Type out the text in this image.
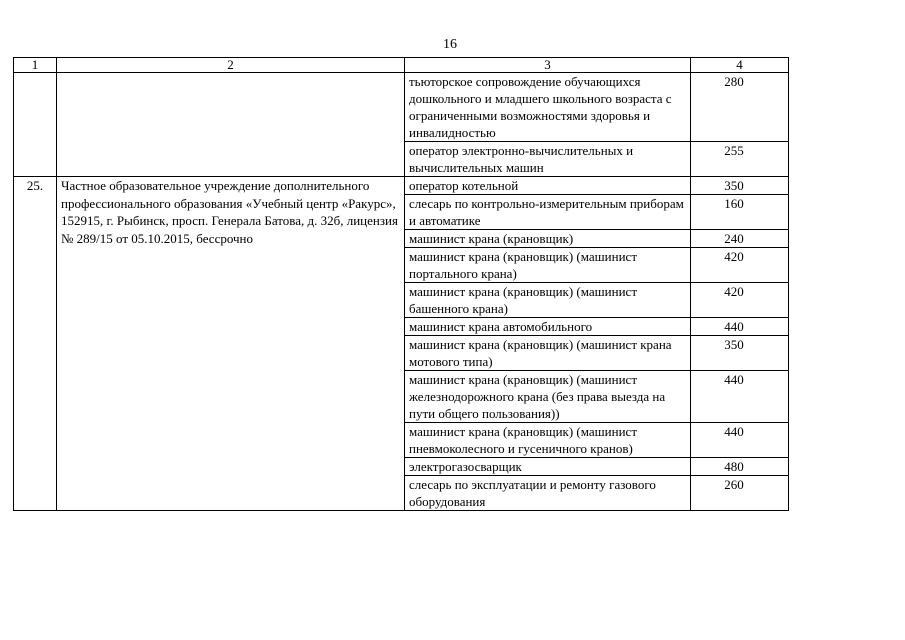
16
1	2	3	4
		тьюторское сопровождение обучающихся дошкольного и младшего школьного возраста с ограниченными возможностями здоровья и инвалидностью	280
		оператор электронно-вычислительных и вычислительных машин	255
25.	Частное образовательное учреждение дополнительного профессионального образования «Учебный центр «Ракурс», 152915, г. Рыбинск, просп. Генерала Батова, д. 32б, лицензия № 289/15 от 05.10.2015, бессрочно	оператор котельной	350
		слесарь по контрольно-измерительным приборам и автоматике	160
		машинист крана (крановщик)	240
		машинист крана (крановщик) (машинист портального крана)	420
		машинист крана (крановщик) (машинист башенного крана)	420
		машинист крана автомобильного	440
		машинист крана (крановщик) (машинист крана мотового типа)	350
		машинист крана (крановщик) (машинист железнодорожного крана (без права выезда на пути общего пользования))	440
		машинист крана (крановщик) (машинист пневмоколесного и гусеничного кранов)	440
		электрогазосварщик	480
		слесарь по эксплуатации и ремонту газового оборудования	260
